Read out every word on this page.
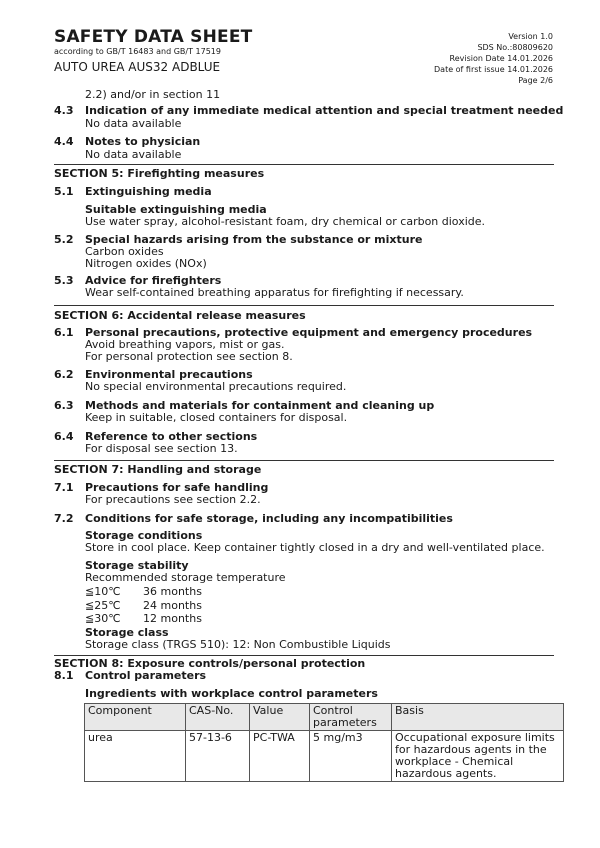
SAFETY DATA SHEET
according to GB/T 16483 and GB/T 17519
AUTO UREA AUS32 ADBLUE
Version 1.0
SDS No.:80809620
Revision Date 14.01.2026
Date of first issue 14.01.2026
Page 2/6
2.2) and/or in section 11
4.3 Indication of any immediate medical attention and special treatment needed
No data available
4.4 Notes to physician
No data available
SECTION 5: Firefighting measures
5.1 Extinguishing media
Suitable extinguishing media
Use water spray, alcohol-resistant foam, dry chemical or carbon dioxide.
5.2 Special hazards arising from the substance or mixture
Carbon oxides
Nitrogen oxides (NOx)
5.3 Advice for firefighters
Wear self-contained breathing apparatus for firefighting if necessary.
SECTION 6: Accidental release measures
6.1 Personal precautions, protective equipment and emergency procedures
Avoid breathing vapors, mist or gas.
For personal protection see section 8.
6.2 Environmental precautions
No special environmental precautions required.
6.3 Methods and materials for containment and cleaning up
Keep in suitable, closed containers for disposal.
6.4 Reference to other sections
For disposal see section 13.
SECTION 7: Handling and storage
7.1 Precautions for safe handling
For precautions see section 2.2.
7.2 Conditions for safe storage, including any incompatibilities
Storage conditions
Store in cool place. Keep container tightly closed in a dry and well-ventilated place.
Storage stability
Recommended storage temperature
≦10℃ 36 months
≦25℃ 24 months
≦30℃ 12 months
Storage class
Storage class (TRGS 510): 12: Non Combustible Liquids
SECTION 8: Exposure controls/personal protection
8.1 Control parameters
Ingredients with workplace control parameters
Component	CAS-No.	Value	Control parameters	Basis
urea	57-13-6	PC-TWA	5 mg/m3	Occupational exposure limits for hazardous agents in the workplace - Chemical hazardous agents.
